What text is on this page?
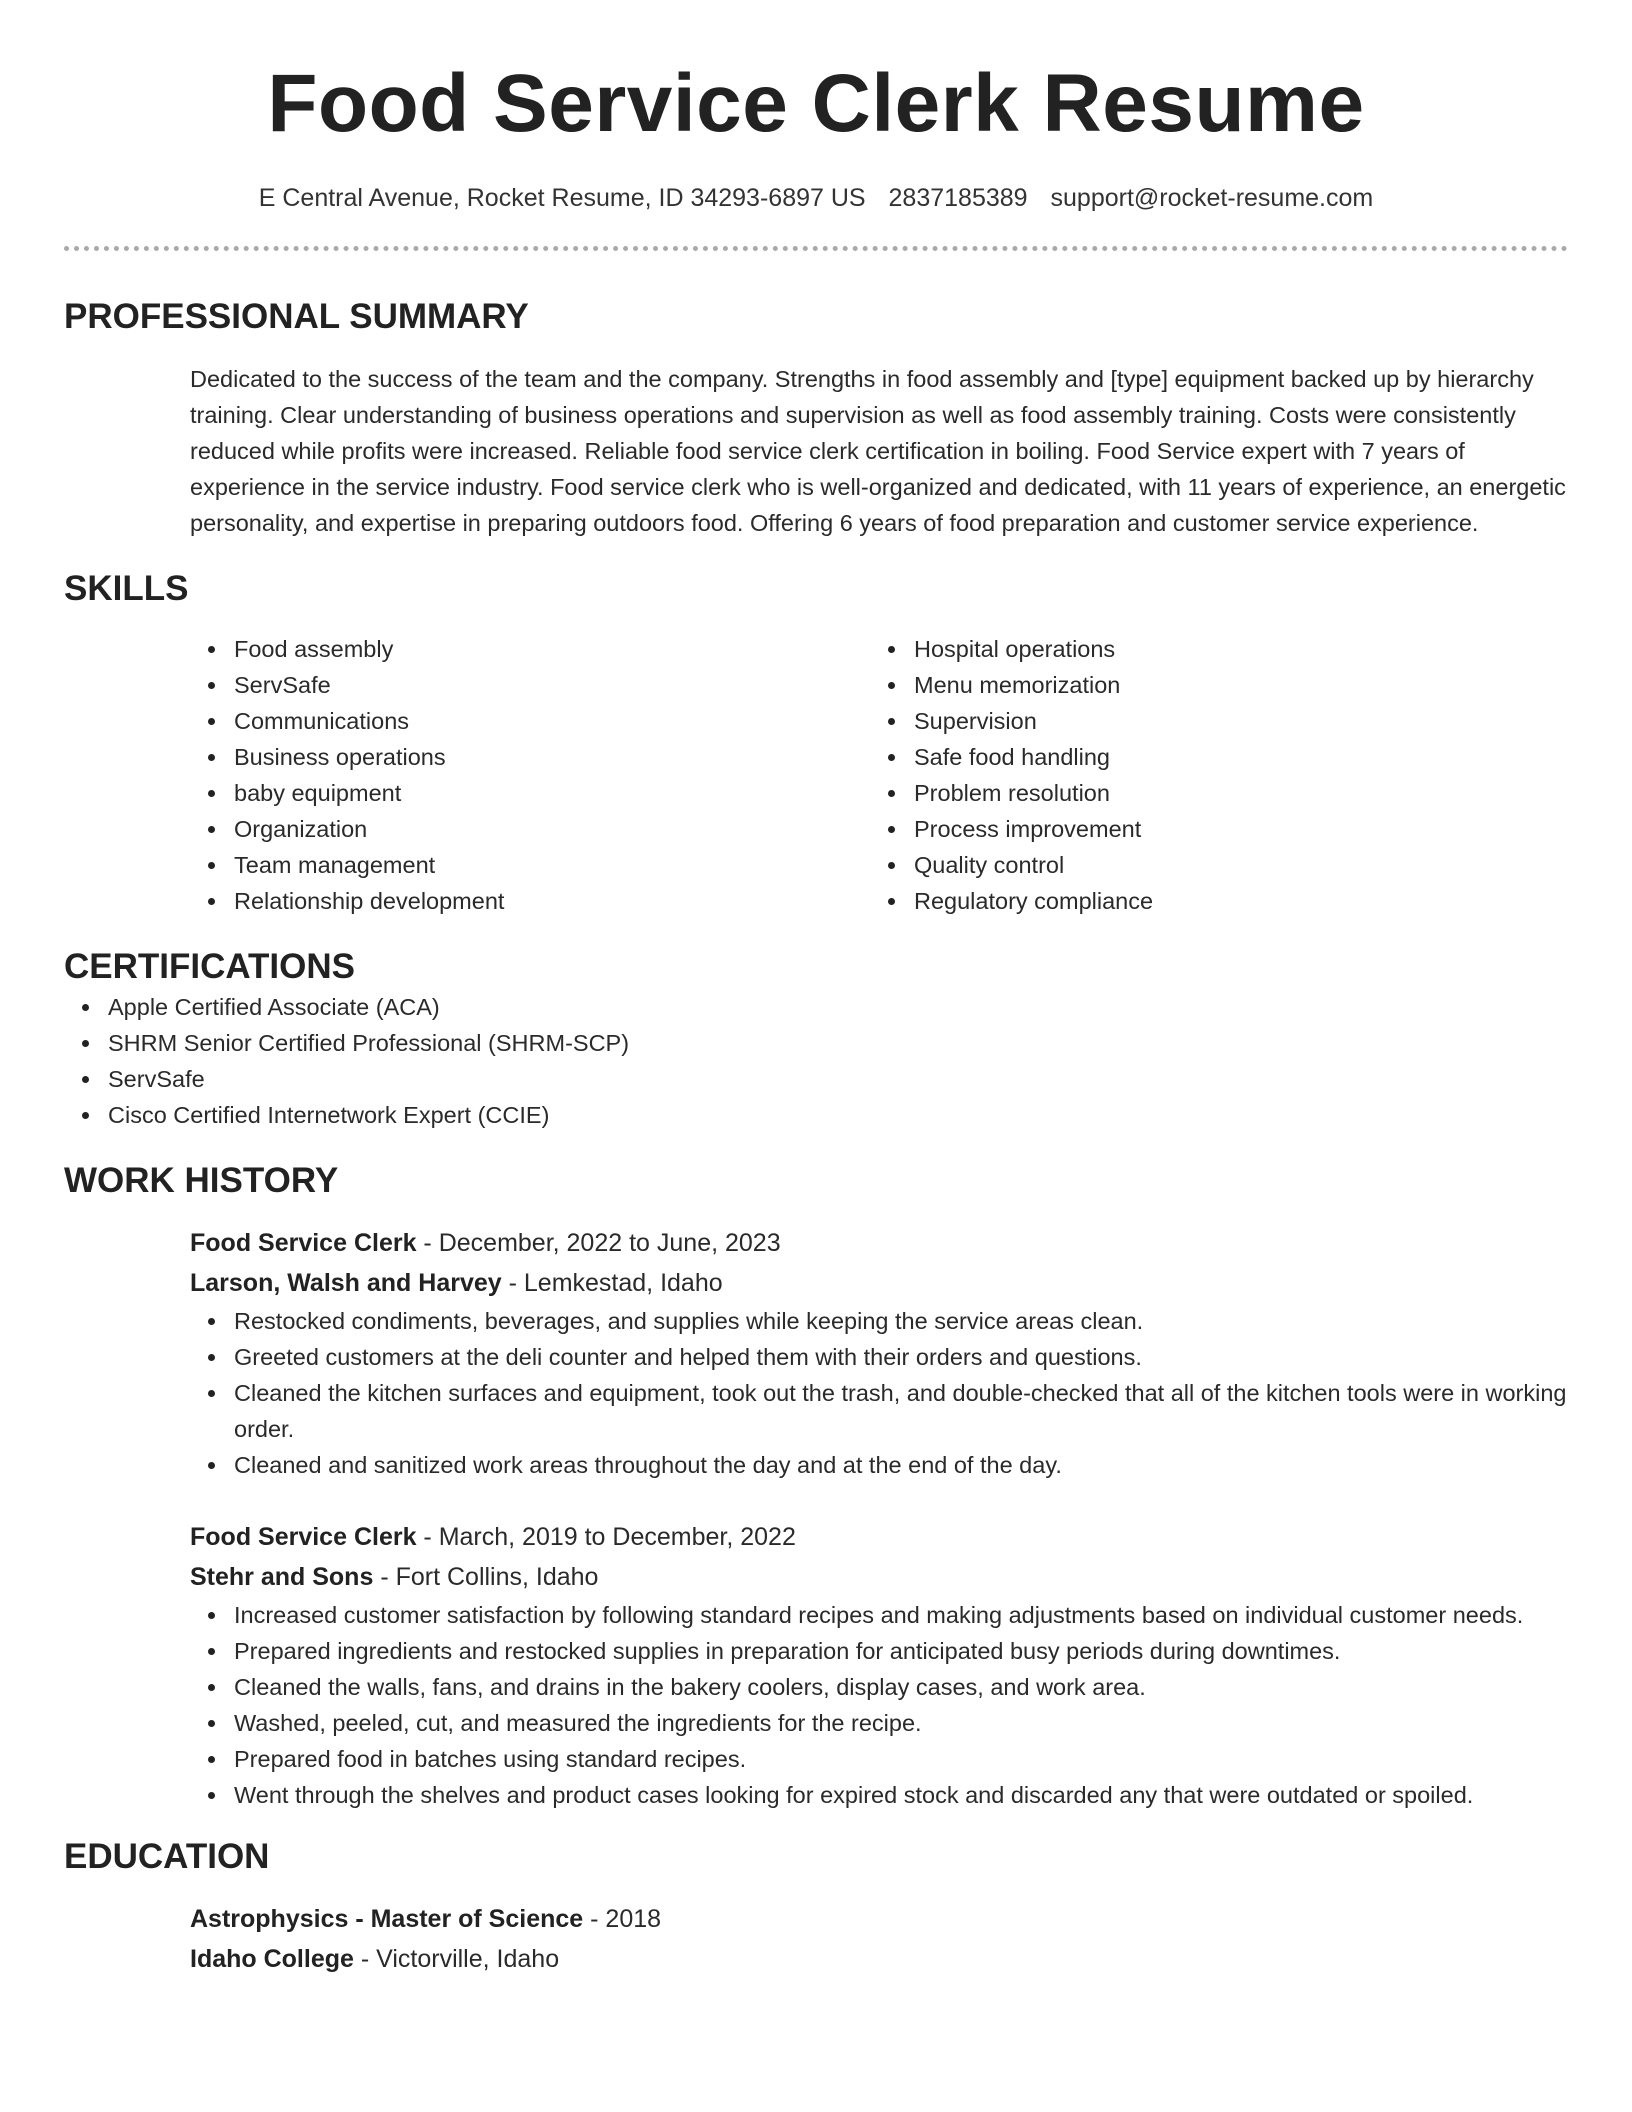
Food Service Clerk Resume
E Central Avenue, Rocket Resume, ID 34293-6897 US 2837185389 support@rocket-resume.com
PROFESSIONAL SUMMARY

Dedicated to the success of the team and the company. Strengths in food assembly and [type] equipment backed up by hierarchy training. Clear understanding of business operations and supervision as well as food assembly training. Costs were consistently reduced while profits were increased. Reliable food service clerk certification in boiling. Food Service expert with 7 years of experience in the service industry. Food service clerk who is well-organized and dedicated, with 11 years of experience, an energetic personality, and expertise in preparing outdoors food. Offering 6 years of food preparation and customer service experience.

SKILLS
Food assembly
ServSafe
Communications
Business operations
baby equipment
Organization
Team management
Relationship development
Hospital operations
Menu memorization
Supervision
Safe food handling
Problem resolution
Process improvement
Quality control
Regulatory compliance
CERTIFICATIONS
Apple Certified Associate (ACA)
SHRM Senior Certified Professional (SHRM-SCP)
ServSafe
Cisco Certified Internetwork Expert (CCIE)
WORK HISTORY
Food Service Clerk - December, 2022 to June, 2023
Larson, Walsh and Harvey - Lemkestad, Idaho
Restocked condiments, beverages, and supplies while keeping the service areas clean.
Greeted customers at the deli counter and helped them with their orders and questions.
Cleaned the kitchen surfaces and equipment, took out the trash, and double-checked that all of the kitchen tools were in working order.
Cleaned and sanitized work areas throughout the day and at the end of the day.
Food Service Clerk - March, 2019 to December, 2022
Stehr and Sons - Fort Collins, Idaho
Increased customer satisfaction by following standard recipes and making adjustments based on individual customer needs.
Prepared ingredients and restocked supplies in preparation for anticipated busy periods during downtimes.
Cleaned the walls, fans, and drains in the bakery coolers, display cases, and work area.
Washed, peeled, cut, and measured the ingredients for the recipe.
Prepared food in batches using standard recipes.
Went through the shelves and product cases looking for expired stock and discarded any that were outdated or spoiled.
EDUCATION
Astrophysics - Master of Science - 2018
Idaho College - Victorville, Idaho
